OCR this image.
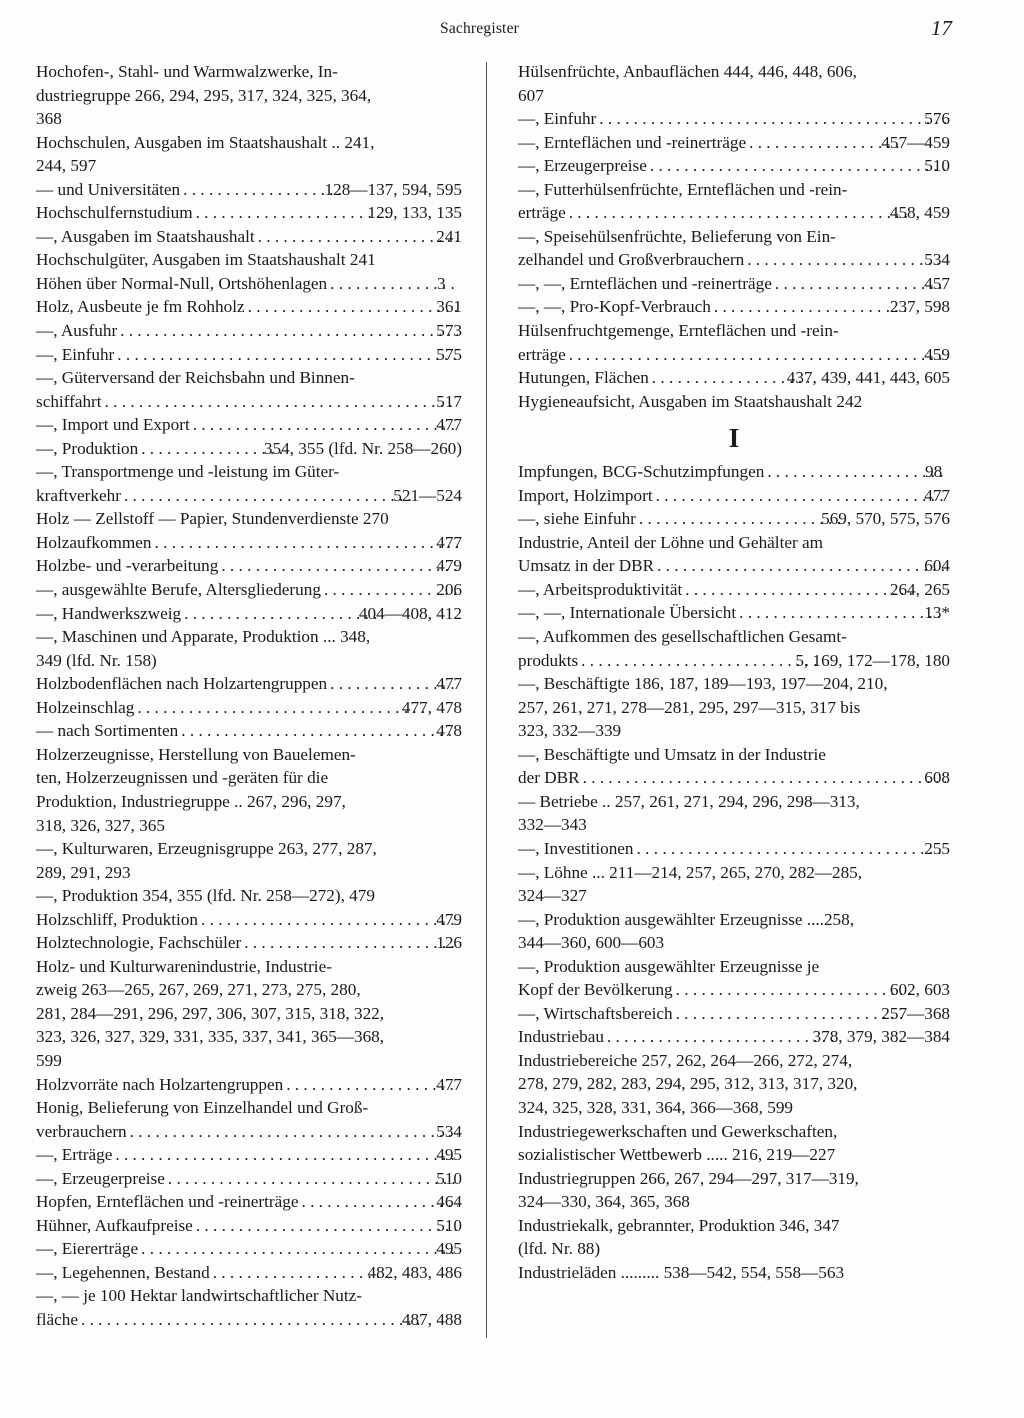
Sachregister	17
Hochofen-, Stahl- und Warmwalzwerke, In-
dustriegruppe 266, 294, 295, 317, 324, 325, 364,
368
Hochschulen, Ausgaben im Staatshaushalt .. 241,
244, 597
— und Universitäten . . .	128—137, 594, 595
Hochschulfernstudium . . .	129, 133, 135
—, Ausgaben im Staatshaushalt . . .	241
Hochschulgüter, Ausgaben im Staatshaushalt 241
Höhen über Normal-Null, Ortshöhenlagen . . .	3
Holz, Ausbeute je fm Rohholz . . .	361
—, Ausfuhr . . .	573
—, Einfuhr . . .	575
—, Güterversand der Reichsbahn und Binnen-
schiffahrt . . .	517
—, Import und Export . . .	477
—, Produktion . . .	354, 355 (lfd. Nr. 258—260)
—, Transportmenge und -leistung im Güter-
kraftverkehr . . .	521—524
Holz — Zellstoff — Papier, Stundenverdienste 270
Holzaufkommen . . .	477
Holzbe- und -verarbeitung . . .	479
—, ausgewählte Berufe, Altersgliederung . . .	206
—, Handwerkszweig . . .	404—408, 412
—, Maschinen und Apparate, Produktion ... 348,
349 (lfd. Nr. 158)
Holzbodenflächen nach Holzartengruppen . . .	477
Holzeinschlag . . .	477, 478
— nach Sortimenten . . .	478
Holzerzeugnisse, Herstellung von Bauelemen-
ten, Holzerzeugnissen und -geräten für die
Produktion, Industriegruppe .. 267, 296, 297,
318, 326, 327, 365
—, Kulturwaren, Erzeugnisgruppe 263, 277, 287,
289, 291, 293
—, Produktion 354, 355 (lfd. Nr. 258—272), 479
Holzschliff, Produktion . . .	479
Holztechnologie, Fachschüler . . .	126
Holz- und Kulturwarenindustrie, Industrie-
zweig 263—265, 267, 269, 271, 273, 275, 280,
281, 284—291, 296, 297, 306, 307, 315, 318, 322,
323, 326, 327, 329, 331, 335, 337, 341, 365—368,
599
Holzvorräte nach Holzartengruppen . . .	477
Honig, Belieferung von Einzelhandel und Groß-
verbrauchern . . .	534
—, Erträge . . .	495
—, Erzeugerpreise . . .	510
Hopfen, Ernteflächen und -reinerträge . . .	464
Hühner, Aufkaufpreise . . .	510
—, Eiererträge . . .	495
—, Legehennen, Bestand . . .	482, 483, 486
—, — je 100 Hektar landwirtschaftlicher Nutz-
fläche . . .	487, 488
Hülsenfrüchte, Anbauflächen 444, 446, 448, 606,
607
—, Einfuhr . . .	576
—, Ernteflächen und -reinerträge . . .	457—459
—, Erzeugerpreise . . .	510
—, Futterhülsenfrüchte, Ernteflächen und -rein-
erträge . . .	458, 459
—, Speisehülsenfrüchte, Belieferung von Ein-
zelhandel und Großverbrauchern . . .	534
—, —, Ernteflächen und -reinerträge . . .	457
—, —, Pro-Kopf-Verbrauch . . .	237, 598
Hülsenfruchtgemenge, Ernteflächen und -rein-
erträge . . .	459
Hutungen, Flächen . . .	437, 439, 441, 443, 605
Hygieneaufsicht, Ausgaben im Staatshaushalt 242
I
Impfungen, BCG-Schutzimpfungen . . .	98
Import, Holzimport . . .	477
—, siehe Einfuhr . . .	569, 570, 575, 576
Industrie, Anteil der Löhne und Gehälter am
Umsatz in der DBR . . .	604
—, Arbeitsproduktivität . . .	264, 265
—, —, Internationale Übersicht . . .	13*
—, Aufkommen des gesellschaftlichen Gesamt-
produkts . . .	5, 169, 172—178, 180
—, Beschäftigte 186, 187, 189—193, 197—204, 210,
257, 261, 271, 278—281, 295, 297—315, 317 bis
323, 332—339
—, Beschäftigte und Umsatz in der Industrie
der DBR . . .	608
— Betriebe .. 257, 261, 271, 294, 296, 298—313,
332—343
—, Investitionen . . .	255
—, Löhne ... 211—214, 257, 265, 270, 282—285,
324—327
—, Produktion ausgewählter Erzeugnisse ....258,
344—360, 600—603
—, Produktion ausgewählter Erzeugnisse je
Kopf der Bevölkerung . . .	602, 603
—, Wirtschaftsbereich . . .	257—368
Industriebau . . .	378, 379, 382—384
Industriebereiche 257, 262, 264—266, 272, 274,
278, 279, 282, 283, 294, 295, 312, 313, 317, 320,
324, 325, 328, 331, 364, 366—368, 599
Industriegewerkschaften und Gewerkschaften,
sozialistischer Wettbewerb ..... 216, 219—227
Industriegruppen 266, 267, 294—297, 317—319,
324—330, 364, 365, 368
Industriekalk, gebrannter, Produktion 346, 347
(lfd. Nr. 88)
Industrieläden ......... 538—542, 554, 558—563
